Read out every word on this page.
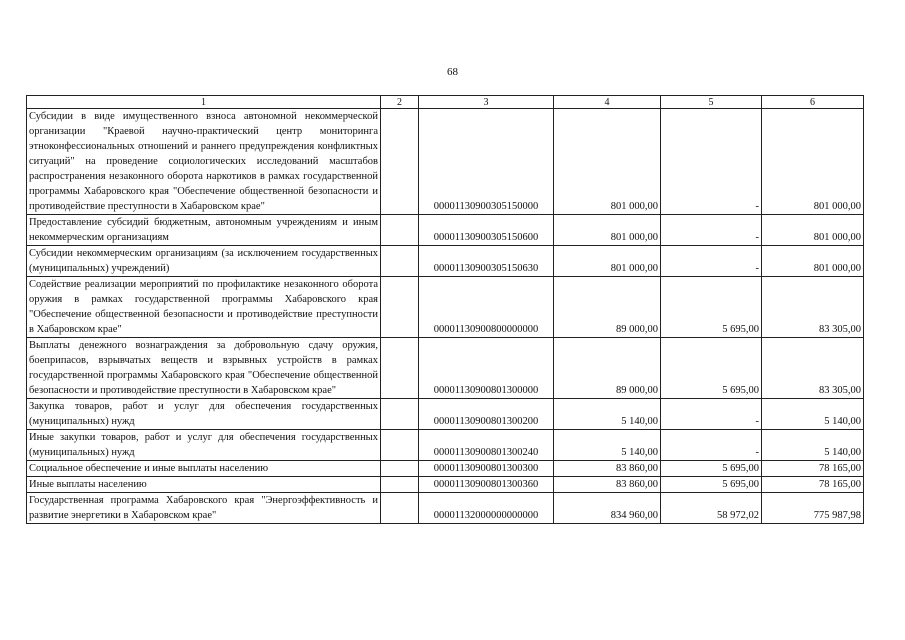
68
1	2	3	4	5	6
Субсидии в виде имущественного взноса автономной некоммерческой организации "Краевой научно-практический центр мониторинга этноконфессиональных отношений и раннего предупреждения конфликтных ситуаций" на проведение социологических исследований масштабов распространения незаконного оборота наркотиков в рамках государственной программы Хабаровского края "Обеспечение общественной безопасности и противодействие преступности в Хабаровском крае"		00001130900305150000	801 000,00	-	801 000,00
Предоставление субсидий бюджетным, автономным учреждениям и иным некоммерческим организациям		00001130900305150600	801 000,00	-	801 000,00
Субсидии некоммерческим организациям (за исключением государственных (муниципальных) учреждений)		00001130900305150630	801 000,00	-	801 000,00
Содействие реализации мероприятий по профилактике незаконного оборота оружия в рамках государственной программы Хабаровского края "Обеспечение общественной безопасности и противодействие преступности в Хабаровском крае"		00001130900800000000	89 000,00	5 695,00	83 305,00
Выплаты денежного вознаграждения за добровольную сдачу оружия, боеприпасов, взрывчатых веществ и взрывных устройств в рамках государственной программы Хабаровского края "Обеспечение общественной безопасности и противодействие преступности в Хабаровском крае"		00001130900801300000	89 000,00	5 695,00	83 305,00
Закупка товаров, работ и услуг для обеспечения государственных (муниципальных) нужд		00001130900801300200	5 140,00	-	5 140,00
Иные закупки товаров, работ и услуг для обеспечения государственных (муниципальных) нужд		00001130900801300240	5 140,00	-	5 140,00
Социальное обеспечение и иные выплаты населению		00001130900801300300	83 860,00	5 695,00	78 165,00
Иные выплаты населению		00001130900801300360	83 860,00	5 695,00	78 165,00
Государственная программа Хабаровского края "Энергоэффективность и развитие энергетики в Хабаровском крае"		00001132000000000000	834 960,00	58 972,02	775 987,98
